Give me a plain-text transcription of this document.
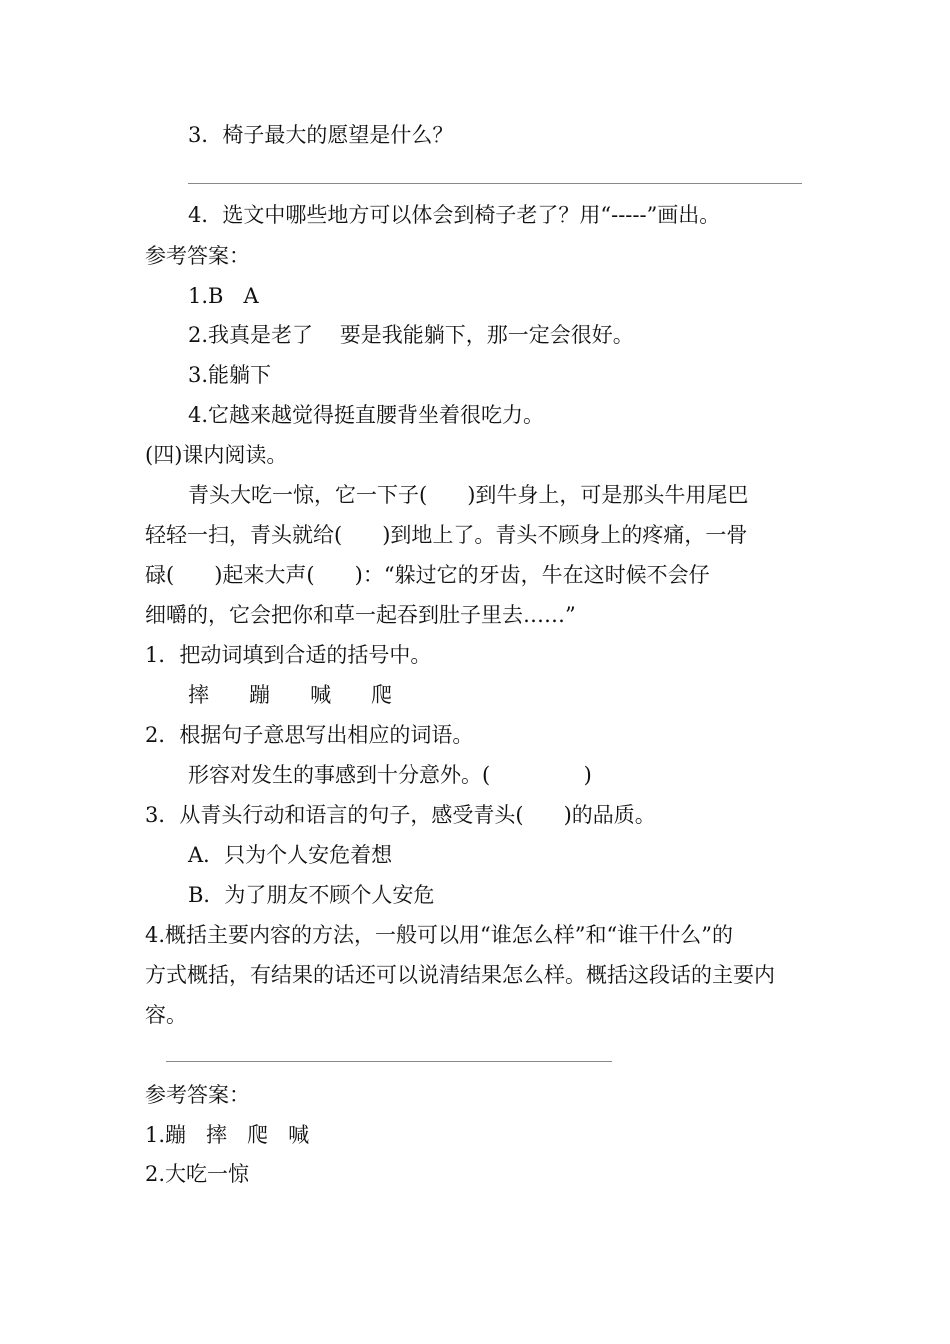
3．椅子最大的愿望是什么？
4．选文中哪些地方可以体会到椅子老了？用“-----”画出。
参考答案：
1.B   A
2.我真是老了    要是我能躺下，那一定会很好。
3.能躺下
4.它越来越觉得挺直腰背坐着很吃力。
(四)课内阅读。
青头大吃一惊，它一下子(      )到牛身上，可是那头牛用尾巴
轻轻一扫，青头就给(      )到地上了。青头不顾身上的疼痛，一骨
碌(      )起来大声(      )：“躲过它的牙齿，牛在这时候不会仔
细嚼的，它会把你和草一起吞到肚子里去……”
1．把动词填到合适的括号中。
摔      蹦      喊      爬
2．根据句子意思写出相应的词语。
形容对发生的事感到十分意外。(              )
3．从青头行动和语言的句子，感受青头(      )的品质。
A．只为个人安危着想
B．为了朋友不顾个人安危
4.概括主要内容的方法，一般可以用“谁怎么样”和“谁干什么”的
方式概括，有结果的话还可以说清结果怎么样。概括这段话的主要内
容。
参考答案：
1.蹦   摔   爬   喊
2.大吃一惊
